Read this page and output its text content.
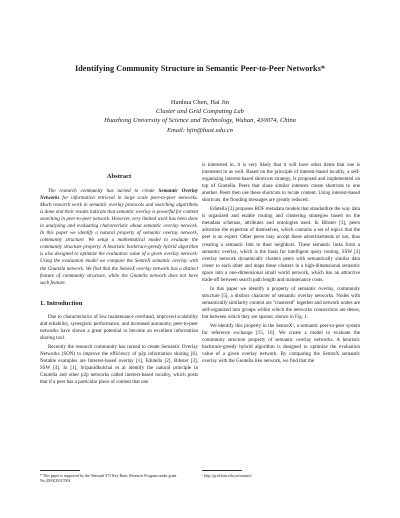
Identifying Community Structure in Semantic Peer-to-Peer Networks*
Hanhua Chen, Hai Jin
Cluster and Grid Computing Lab
Huazhong University of Science and Technology, Wuhan, 430074, China
Email: hjin@hust.edu.cn
Abstract

The research community has turned to create Semantic Overlay Networks for information retrieval in large scale peer-to-peer networks. Much research work in semantic overlay protocols and searching algorithms is done and their results indicate that semantic overlay is powerful for content searching in peer-to-peer network. However, very limited work has been done in analyzing and evaluating characteristic about semantic overlay network. In this paper we identify a natural property of semantic overlay network, community structure. We setup a mathematical model to evaluate the community structure property. A heuristic backtrace-greedy hybrid algorithm is also designed to optimize the evaluation value of a given overlay network. Using the evaluation model we compare the SemreX semantic overlay with the Gnutella network. We find that the SemreX overlay network has a distinct feature of community structure, while the Gnutella network does not have such feature.

1. Introduction

Due to characteristics of low maintenance overhead, improved scalability and reliability, synergistic performance, and increased autonomy, peer-to-peer networks have shown a great potential to become an excellent information sharing tool.

Recently the research community has turned to create Semantic Overlay Networks (SON) to improve the efficiency of p2p information sharing [6]. Notable examples are Interest-based overlay [1], Edutella [2], Bibster [3], SSW [4]. In [1], Sripanidkulchai et al identify the natural principle in Gnutella and other p2p networks called interest-based locality, which posts that if a peer has a particular piece of content that one

is interested in, it is very likely that it will have other items that one is interested in as well. Based on the principle of interest-based locality, a self-organizing interest-based shortcuts strategy, is proposed and implemented on top of Gnutella. Peers that share similar interests create shortcuts to one another. Peers then use these shortcuts to locate content. Using interest-based shortcuts, the flooding messages are greatly reduced.

Edutella [2] proposes RDF metadata models that standardize the way data is organized and enable routing and clustering strategies based on the metadata schemas, attributes and ontologies used. In Bibster [3], peers advertise the expertise of themselves, which contains a set of topics that the peer is an expert. Other peers may accept these advertisements or not, thus creating a semantic link to their neighbors. These semantic links form a semantic overlay, which is the basis for intelligent query routing. SSW [4] overlay network dynamically clusters peers with semantically similar data closer to each other and maps these clusters in a high-dimensional semantic space into a one-dimensional small world network, which has an attractive trade-off between search path length and maintenance costs.

In this paper we identify a property of semantic overlay, community structure [5], a distinct character of semantic overlay networks. Nodes with semantically similarity content are "clustered" together and network nodes are self-organized into groups within which the networks connections are dense, but between which they are sparser, shown in Fig. 1.

We identify this property in the SemreX¹, a semantic peer-to-peer system for reference exchange [15, 16]. We create a model to evaluate the community structure property of semantic overlay networks. A heuristic backtrace-greedy hybrid algorithm is designed to optimize the evaluation value of a given overlay network. By comparing the SemreX semantic overlay with the Gnutella like network, we find that the

* This paper is supported by the National 973 Key Basic Research Program under grant No.2003CB317003.
¹ http://grid.hust.edu.cn/semrex/
